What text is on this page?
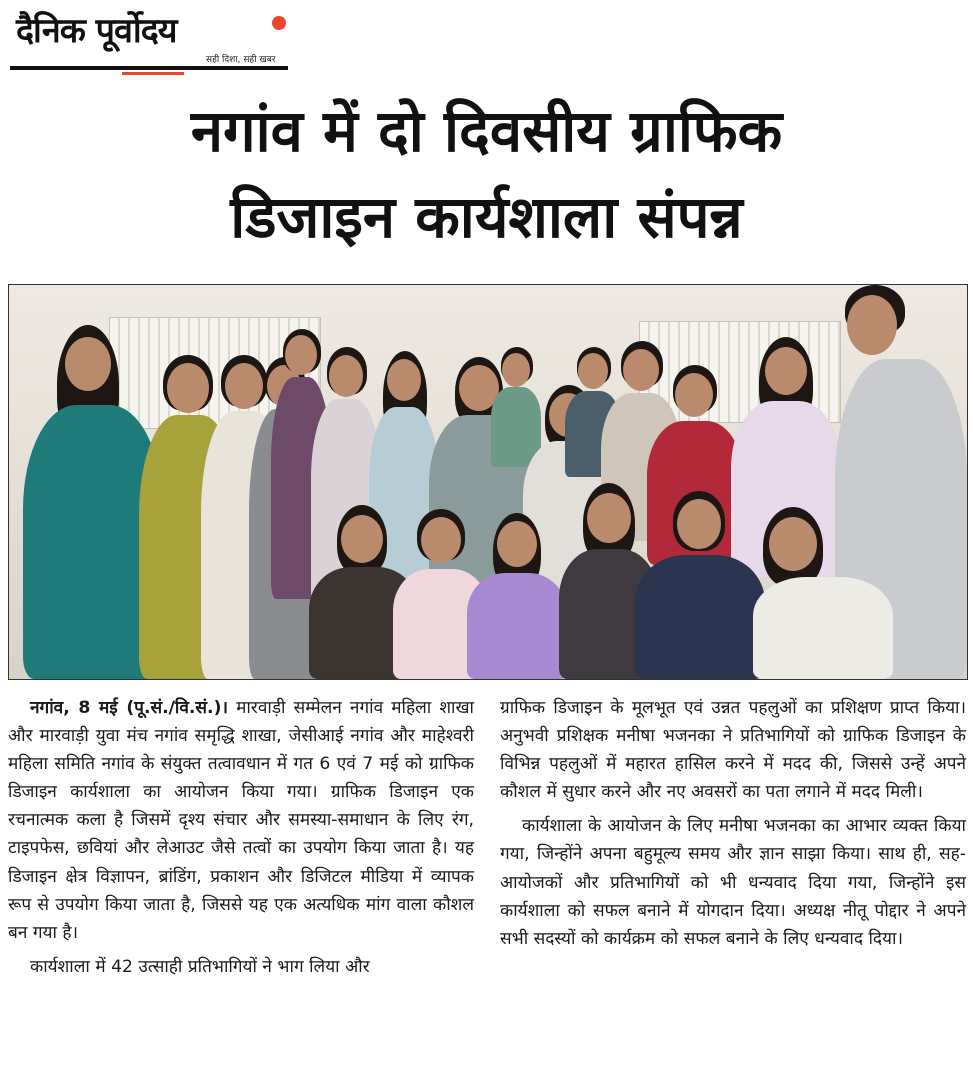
दैनिक पूर्वोदय
सही दिशा, सही खबर
नगांव में दो दिवसीय ग्राफिक
डिजाइन कार्यशाला संपन्न

नगांव, 8 मई (पू.सं./वि.सं.)। मारवाड़ी सम्मेलन नगांव महिला शाखा और मारवाड़ी युवा मंच नगांव समृद्धि शाखा, जेसीआई नगांव और माहेश्वरी महिला समिति नगांव के संयुक्त तत्वावधान में गत 6 एवं 7 मई को ग्राफिक डिजाइन कार्यशाला का आयोजन किया गया। ग्राफिक डिजाइन एक रचनात्मक कला है जिसमें दृश्य संचार और समस्या-समाधान के लिए रंग, टाइपफेस, छवियां और लेआउट जैसे तत्वों का उपयोग किया जाता है। यह डिजाइन क्षेत्र विज्ञापन, ब्रांडिंग, प्रकाशन और डिजिटल मीडिया में व्यापक रूप से उपयोग किया जाता है, जिससे यह एक अत्यधिक मांग वाला कौशल बन गया है।

कार्यशाला में 42 उत्साही प्रतिभागियों ने भाग लिया और

ग्राफिक डिजाइन के मूलभूत एवं उन्नत पहलुओं का प्रशिक्षण प्राप्त किया। अनुभवी प्रशिक्षक मनीषा भजनका ने प्रतिभागियों को ग्राफिक डिजाइन के विभिन्न पहलुओं में महारत हासिल करने में मदद की, जिससे उन्हें अपने कौशल में सुधार करने और नए अवसरों का पता लगाने में मदद मिली।

कार्यशाला के आयोजन के लिए मनीषा भजनका का आभार व्यक्त किया गया, जिन्होंने अपना बहुमूल्य समय और ज्ञान साझा किया। साथ ही, सह-आयोजकों और प्रतिभागियों को भी धन्यवाद दिया गया, जिन्होंने इस कार्यशाला को सफल बनाने में योगदान दिया। अध्यक्ष नीतू पोद्दार ने अपने सभी सदस्यों को कार्यक्रम को सफल बनाने के लिए धन्यवाद दिया।
